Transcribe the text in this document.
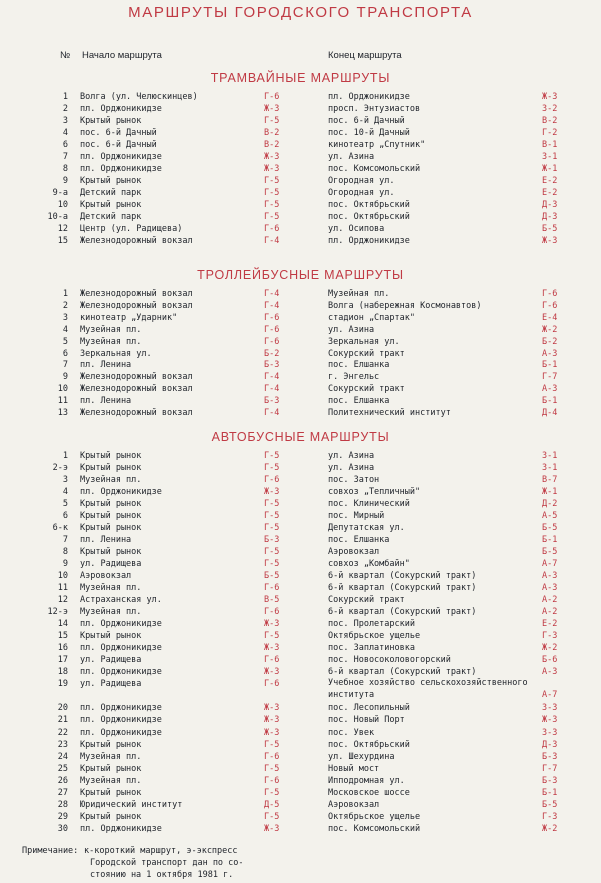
МАРШРУТЫ ГОРОДСКОГО ТРАНСПОРТА
№ Начало маршрута	Конец маршрута
ТРАМВАЙНЫЕ МАРШРУТЫ
1 Волга (ул. Челюскинцев)	Г-6	пл. Орджоникидзе	Ж-3
2 пл. Орджоникидзе	Ж-3	просп. Энтузиастов	З-2
3 Крытый рынок	Г-5	пос. 6-й Дачный	В-2
4 пос. 6-й Дачный	В-2	пос. 10-й Дачный	Г-2
6 пос. 6-й Дачный	В-2	кинотеатр „Спутник"	В-1
7 пл. Орджоникидзе	Ж-3	ул. Азина	З-1
8 пл. Орджоникидзе	Ж-3	пос. Комсомольский	Ж-1
9 Крытый рынок	Г-5	Огородная ул.	Е-2
9-а Детский парк	Г-5	Огородная ул.	Е-2
10 Крытый рынок	Г-5	пос. Октябрьский	Д-3
10-а Детский парк	Г-5	пос. Октябрьский	Д-3
12 Центр (ул. Радищева)	Г-6	ул. Осипова	Б-5
15 Железнодорожный вокзал	Г-4	пл. Орджоникидзе	Ж-3
ТРОЛЛЕЙБУСНЫЕ МАРШРУТЫ
1 Железнодорожный вокзал	Г-4	Музейная пл.	Г-6
2 Железнодорожный вокзал	Г-4	Волга (набережная Космонавтов)	Г-6
3 кинотеатр „Ударник"	Г-6	стадион „Спартак"	Е-4
4 Музейная пл.	Г-6	ул. Азина	Ж-2
5 Музейная пл.	Г-6	Зеркальная ул.	Б-2
6 Зеркальная ул.	Б-2	Сокурский тракт	А-3
7 пл. Ленина	Б-3	пос. Елшанка	Б-1
9 Железнодорожный вокзал	Г-4	г. Энгельс	Г-7
10 Железнодорожный вокзал	Г-4	Сокурский тракт	А-3
11 пл. Ленина	Б-3	пос. Елшанка	Б-1
13 Железнодорожный вокзал	Г-4	Политехнический институт	Д-4
АВТОБУСНЫЕ МАРШРУТЫ
1 Крытый рынок	Г-5	ул. Азина	З-1
2-э Крытый рынок	Г-5	ул. Азина	З-1
3 Музейная пл.	Г-6	пос. Затон	В-7
4 пл. Орджоникидзе	Ж-3	совхоз „Тепличный"	Ж-1
5 Крытый рынок	Г-5	пос. Клинический	Д-2
6 Крытый рынок	Г-5	пос. Мирный	А-5
6-к Крытый рынок	Г-5	Депутатская ул.	Б-5
7 пл. Ленина	Б-3	пос. Елшанка	Б-1
8 Крытый рынок	Г-5	Аэровокзал	Б-5
9 ул. Радищева	Г-5	совхоз „Комбайн"	А-7
10 Аэровокзал	Б-5	6-й квартал (Сокурский тракт)	А-3
11 Музейная пл.	Г-6	6-й квартал (Сокурский тракт)	А-3
12 Астраханская ул.	В-5	Сокурский тракт	А-2
12-э Музейная пл.	Г-6	6-й квартал (Сокурский тракт)	А-2
14 пл. Орджоникидзе	Ж-3	пос. Пролетарский	Е-2
15 Крытый рынок	Г-5	Октябрьское ущелье	Г-3
16 пл. Орджоникидзе	Ж-3	пос. Заплатиновка	Ж-2
17 ул. Радищева	Г-6	пос. Новосоколовогорский	Б-6
18 пл. Орджоникидзе	Ж-3	6-й квартал (Сокурский тракт)	А-3
19 ул. Радищева	Г-6	Учебное хозяйство сельскохозяйственного института	А-7
20 пл. Орджоникидзе	Ж-3	пос. Лесопильный	З-3
21 пл. Орджоникидзе	Ж-3	пос. Новый Порт	Ж-3
22 пл. Орджоникидзе	Ж-3	пос. Увек	З-3
23 Крытый рынок	Г-5	пос. Октябрьский	Д-3
24 Музейная пл.	Г-6	ул. Шехурдина	Б-3
25 Крытый рынок	Г-5	Новый мост	Г-7
26 Музейная пл.	Г-6	Ипподромная ул.	Б-3
27 Крытый рынок	Г-5	Московское шоссе	Б-1
28 Юридический институт	Д-5	Аэровокзал	Б-5
29 Крытый рынок	Г-5	Октябрьское ущелье	Г-3
30 пл. Орджоникидзе	Ж-3	пос. Комсомольский	Ж-2
Примечание: к-короткий маршрут, э-экспресс
Городской транспорт дан по со-
стоянию на 1 октября 1981 г.
